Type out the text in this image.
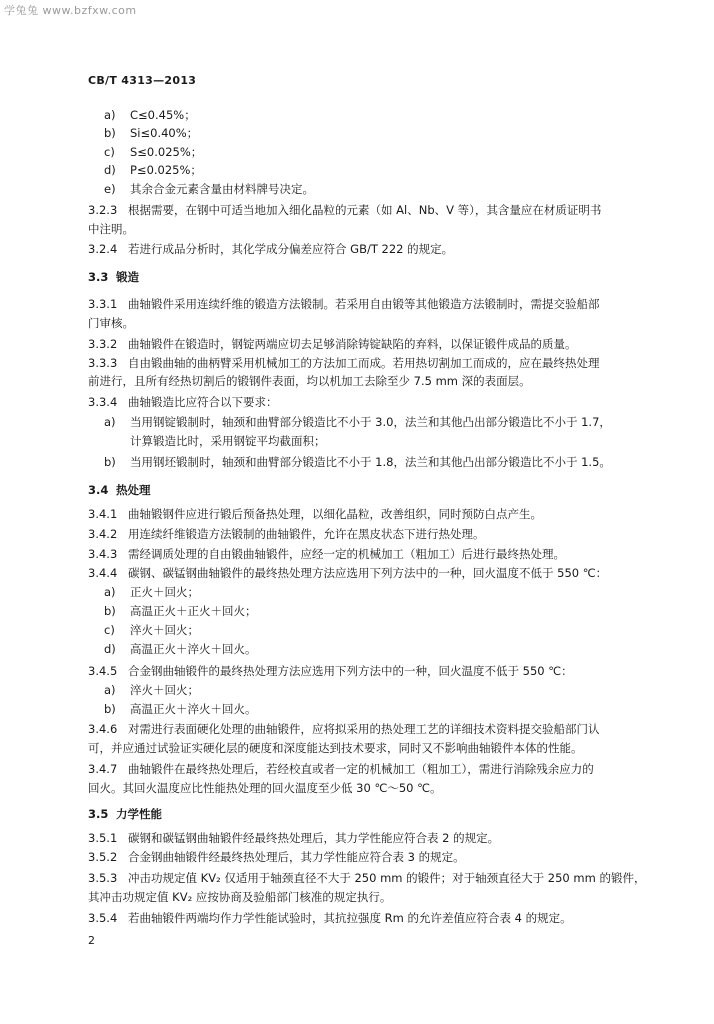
学兔兔 www.bzfxw.com
CB/T 4313—2013
a) C≤0.45%；
b) Si≤0.40%；
c) S≤0.025%；
d) P≤0.025%；
e) 其余合金元素含量由材料牌号决定。
3.2.3 根据需要，在钢中可适当地加入细化晶粒的元素（如 Al、Nb、V 等），其含量应在材质证明书
中注明。
3.2.4 若进行成品分析时，其化学成分偏差应符合 GB/T 222 的规定。
3.3 锻造
3.3.1 曲轴锻件采用连续纤维的锻造方法锻制。若采用自由锻等其他锻造方法锻制时，需提交验船部
门审核。
3.3.2 曲轴锻件在锻造时，钢锭两端应切去足够消除铸锭缺陷的弃料，以保证锻件成品的质量。
3.3.3 自由锻曲轴的曲柄臂采用机械加工的方法加工而成。若用热切割加工而成的，应在最终热处理
前进行，且所有经热切割后的锻钢件表面，均以机加工去除至少 7.5 mm 深的表面层。
3.3.4 曲轴锻造比应符合以下要求：
a) 当用钢锭锻制时，轴颈和曲臂部分锻造比不小于 3.0，法兰和其他凸出部分锻造比不小于 1.7，
计算锻造比时，采用钢锭平均截面积；
b) 当用钢坯锻制时，轴颈和曲臂部分锻造比不小于 1.8，法兰和其他凸出部分锻造比不小于 1.5。
3.4 热处理
3.4.1 曲轴锻钢件应进行锻后预备热处理，以细化晶粒，改善组织，同时预防白点产生。
3.4.2 用连续纤维锻造方法锻制的曲轴锻件，允许在黑皮状态下进行热处理。
3.4.3 需经调质处理的自由锻曲轴锻件，应经一定的机械加工（粗加工）后进行最终热处理。
3.4.4 碳钢、碳锰钢曲轴锻件的最终热处理方法应选用下列方法中的一种，回火温度不低于 550 ℃：
a) 正火＋回火；
b) 高温正火＋正火＋回火；
c) 淬火＋回火；
d) 高温正火＋淬火＋回火。
3.4.5 合金钢曲轴锻件的最终热处理方法应选用下列方法中的一种，回火温度不低于 550 ℃：
a) 淬火＋回火；
b) 高温正火＋淬火＋回火。
3.4.6 对需进行表面硬化处理的曲轴锻件，应将拟采用的热处理工艺的详细技术资料提交验船部门认
可，并应通过试验证实硬化层的硬度和深度能达到技术要求，同时又不影响曲轴锻件本体的性能。
3.4.7 曲轴锻件在最终热处理后，若经校直或者一定的机械加工（粗加工），需进行消除残余应力的
回火。其回火温度应比性能热处理的回火温度至少低 30 ℃～50 ℃。
3.5 力学性能
3.5.1 碳钢和碳锰钢曲轴锻件经最终热处理后，其力学性能应符合表 2 的规定。
3.5.2 合金钢曲轴锻件经最终热处理后，其力学性能应符合表 3 的规定。
3.5.3 冲击功规定值 KV₂ 仅适用于轴颈直径不大于 250 mm 的锻件；对于轴颈直径大于 250 mm 的锻件，
其冲击功规定值 KV₂ 应按协商及验船部门核准的规定执行。
3.5.4 若曲轴锻件两端均作力学性能试验时，其抗拉强度 Rm 的允许差值应符合表 4 的规定。
2
